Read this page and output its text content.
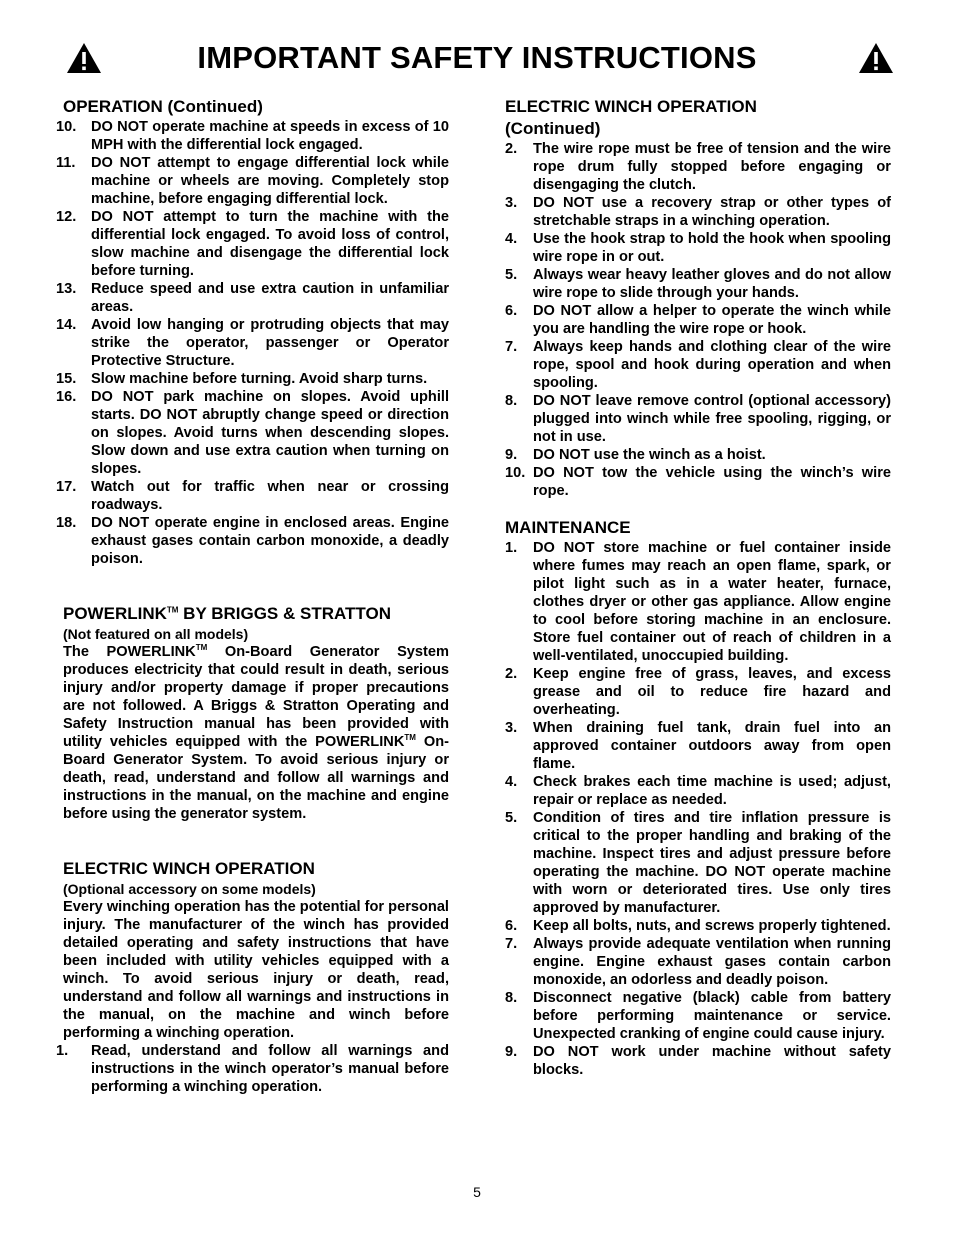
IMPORTANT SAFETY INSTRUCTIONS
OPERATION (Continued)
10.	DO NOT operate machine at speeds in excess of 10 MPH with the differential lock engaged.
11.	DO NOT attempt to engage differential lock while machine or wheels are moving. Completely stop machine, before engaging differential lock.
12.	DO NOT attempt to turn the machine with the differential lock engaged. To avoid loss of control, slow machine and disengage the differential lock before turning.
13.	Reduce speed and use extra caution in unfamiliar areas.
14.	Avoid low hanging or protruding objects that may strike the operator, passenger or Operator Protective Structure.
15.	Slow machine before turning. Avoid sharp turns.
16.	DO NOT park machine on slopes. Avoid uphill starts. DO NOT abruptly change speed or direction on slopes. Avoid turns when descending slopes. Slow down and use extra caution when turning on slopes.
17.	Watch out for traffic when near or crossing roadways.
18.	DO NOT operate engine in enclosed areas. Engine exhaust gases contain carbon monoxide, a deadly poison.
POWERLINK™ BY BRIGGS & STRATTON

(Not featured on all models)

The POWERLINK™ On-Board Generator System produces electricity that could result in death, serious injury and/or property damage if proper precautions are not followed. A Briggs & Stratton Operating and Safety Instruction manual has been provided with utility vehicles equipped with the POWERLINK™ On-Board Generator System. To avoid serious injury or death, read, understand and follow all warnings and instructions in the manual, on the machine and engine before using the generator system.

ELECTRIC WINCH OPERATION

(Optional accessory on some models)

Every winching operation has the potential for personal injury. The manufacturer of the winch has provided detailed operating and safety instructions that have been included with utility vehicles equipped with a winch. To avoid serious injury or death, read, understand and follow all warnings and instructions in the manual, on the machine and winch before performing a winching operation.

1.	Read, understand and follow all warnings and instructions in the winch operator’s manual before performing a winching operation.
ELECTRIC WINCH OPERATION
(Continued)
2.	The wire rope must be free of tension and the wire rope drum fully stopped before engaging or disengaging the clutch.
3.	DO NOT use a recovery strap or other types of stretchable straps in a winching operation.
4.	Use the hook strap to hold the hook when spooling wire rope in or out.
5.	Always wear heavy leather gloves and do not allow wire rope to slide through your hands.
6.	DO NOT allow a helper to operate the winch while you are handling the wire rope or hook.
7.	Always keep hands and clothing clear of the wire rope, spool and hook during operation and when spooling.
8.	DO NOT leave remove control (optional accessory) plugged into winch while free spooling, rigging, or not in use.
9.	DO NOT use the winch as a hoist.
10. DO NOT tow the vehicle using the winch’s wire rope.
MAINTENANCE
1.	DO NOT store machine or fuel container inside where fumes may reach an open flame, spark, or pilot light such as in a water heater, furnace, clothes dryer or other gas appliance. Allow engine to cool before storing machine in an enclosure. Store fuel container out of reach of children in a well-ventilated, unoccupied building.
2.	Keep engine free of grass, leaves, and excess grease and oil to reduce fire hazard and overheating.
3.	When draining fuel tank, drain fuel into an approved container outdoors away from open flame.
4.	Check brakes each time machine is used; adjust, repair or replace as needed.
5.	Condition of tires and tire inflation pressure is critical to the proper handling and braking of the machine. Inspect tires and adjust pressure before operating the machine. DO NOT operate machine with worn or deteriorated tires. Use only tires approved by manufacturer.
6.	Keep all bolts, nuts, and screws properly tightened.
7.	Always provide adequate ventilation when running engine. Engine exhaust gases contain carbon monoxide, an odorless and deadly poison.
8.	Disconnect negative (black) cable from battery before performing maintenance or service. Unexpected cranking of engine could cause injury.
9.	DO NOT work under machine without safety blocks.
5
